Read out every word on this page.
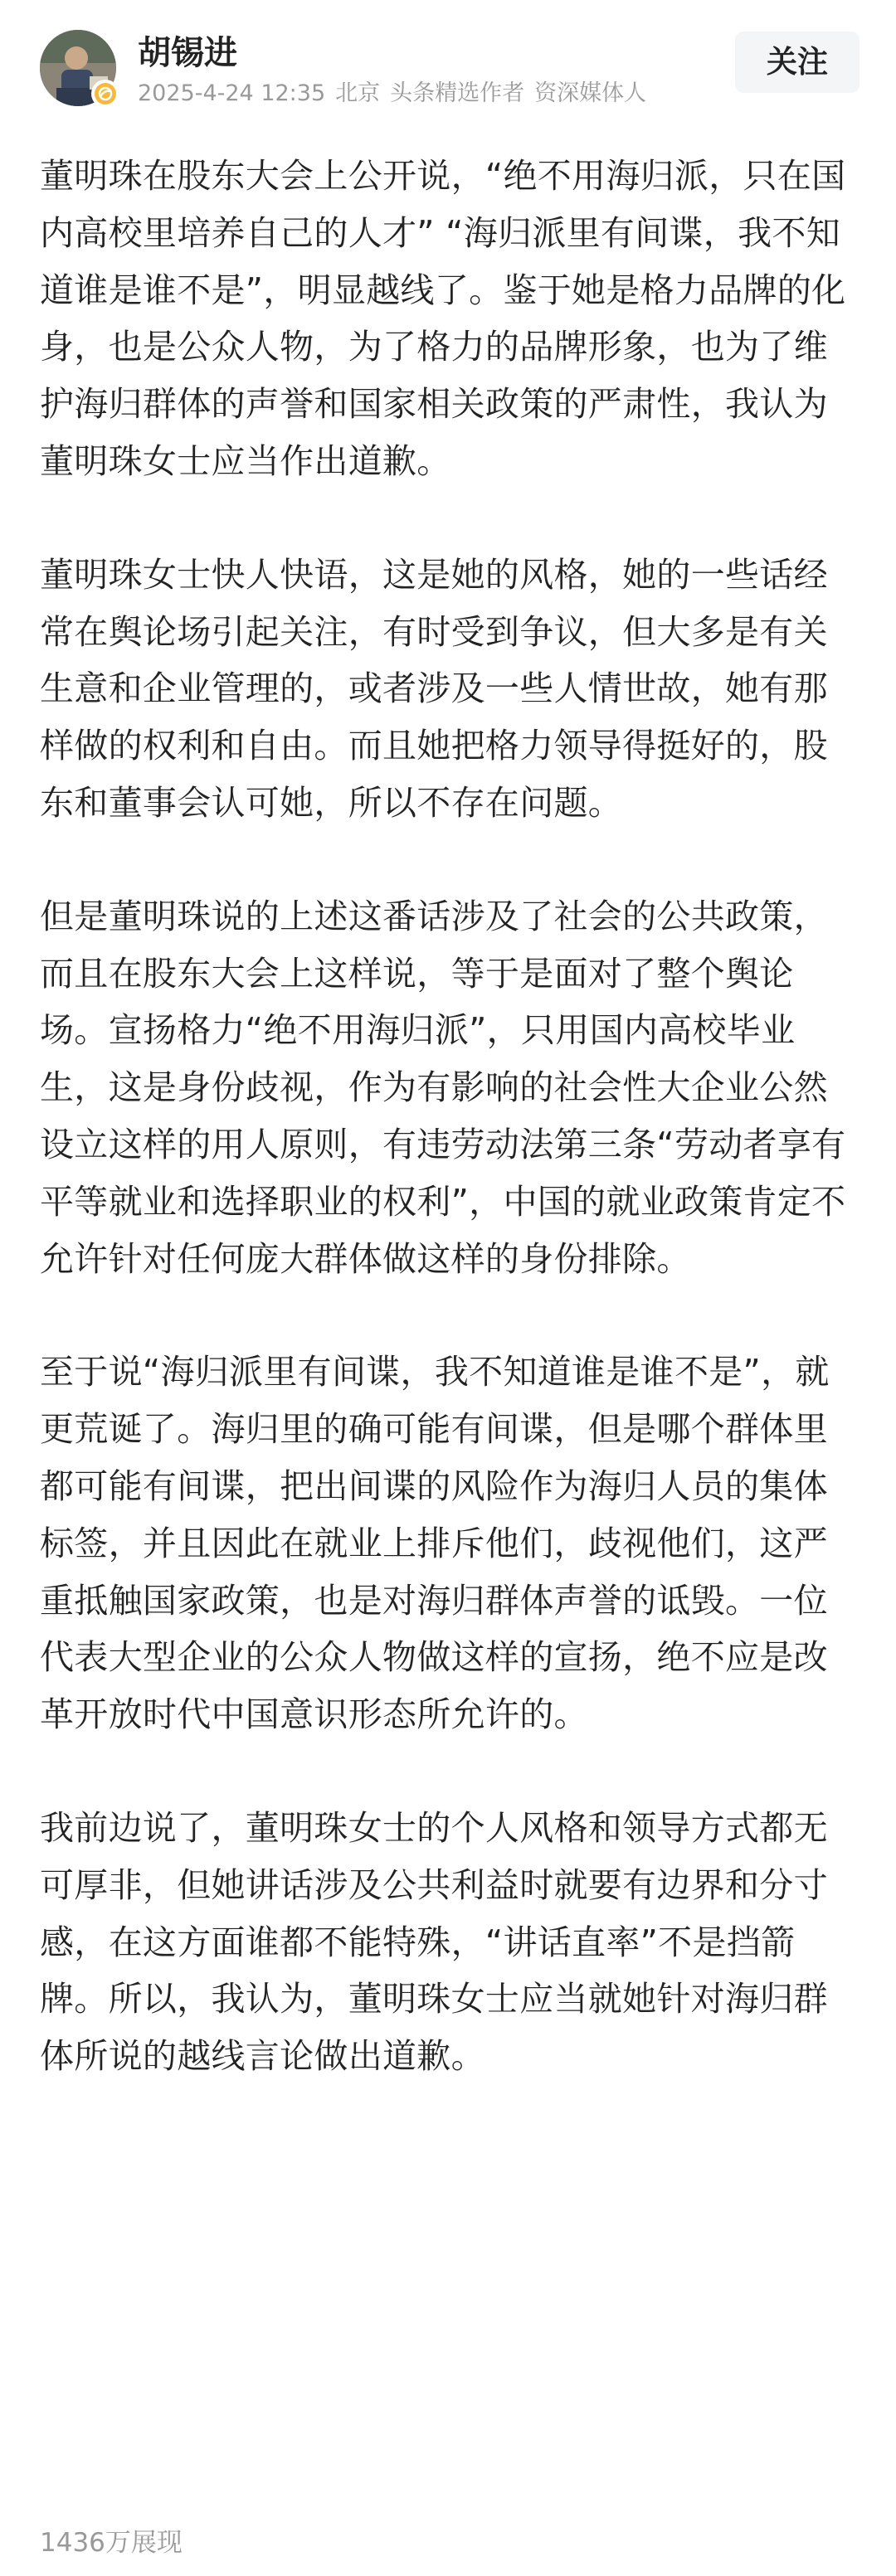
胡锡进
2025-4-24 12:35 北京 头条精选作者 资深媒体人
关注

董明珠在股东大会上公开说，“绝不用海归派，只在国内高校里培养自己的人才” “海归派里有间谍，我不知道谁是谁不是”，明显越线了。鉴于她是格力品牌的化身，也是公众人物，为了格力的品牌形象，也为了维护海归群体的声誉和国家相关政策的严肃性，我认为董明珠女士应当作出道歉。

董明珠女士快人快语，这是她的风格，她的一些话经常在舆论场引起关注，有时受到争议，但大多是有关生意和企业管理的，或者涉及一些人情世故，她有那样做的权利和自由。而且她把格力领导得挺好的，股东和董事会认可她，所以不存在问题。

但是董明珠说的上述这番话涉及了社会的公共政策，而且在股东大会上这样说，等于是面对了整个舆论场。宣扬格力“绝不用海归派”，只用国内高校毕业生，这是身份歧视，作为有影响的社会性大企业公然设立这样的用人原则，有违劳动法第三条“劳动者享有平等就业和选择职业的权利”，中国的就业政策肯定不允许针对任何庞大群体做这样的身份排除。

至于说“海归派里有间谍，我不知道谁是谁不是”，就更荒诞了。海归里的确可能有间谍，但是哪个群体里都可能有间谍，把出间谍的风险作为海归人员的集体标签，并且因此在就业上排斥他们，歧视他们，这严重抵触国家政策，也是对海归群体声誉的诋毁。一位代表大型企业的公众人物做这样的宣扬，绝不应是改革开放时代中国意识形态所允许的。

我前边说了，董明珠女士的个人风格和领导方式都无可厚非，但她讲话涉及公共利益时就要有边界和分寸感，在这方面谁都不能特殊，“讲话直率”不是挡箭牌。所以，我认为，董明珠女士应当就她针对海归群体所说的越线言论做出道歉。

1436万展现
